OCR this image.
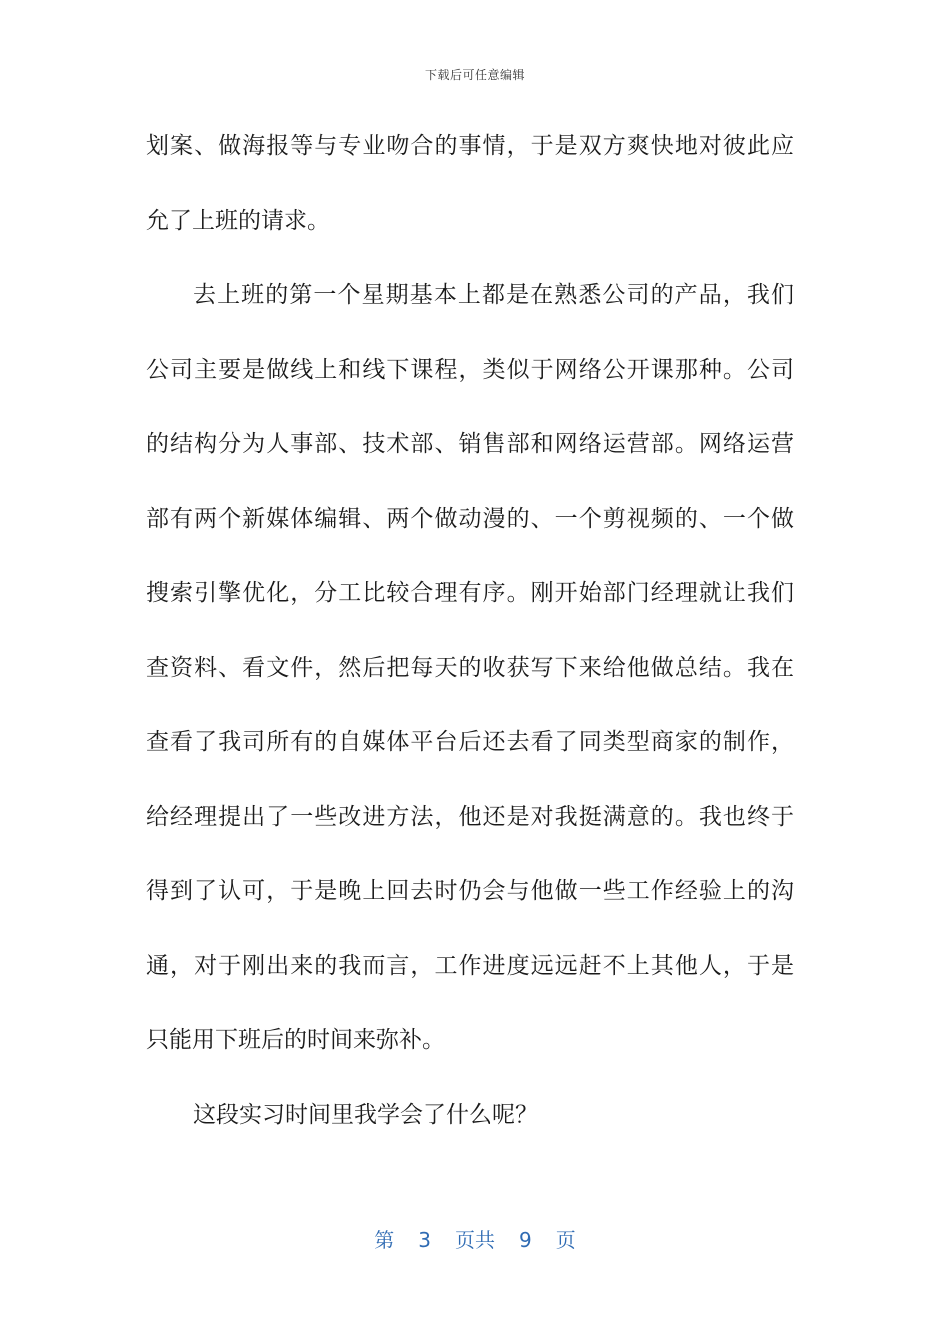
下载后可任意编辑
划案、做海报等与专业吻合的事情，于是双方爽快地对彼此应
允了上班的请求。
去上班的第一个星期基本上都是在熟悉公司的产品，我们
公司主要是做线上和线下课程，类似于网络公开课那种。公司
的结构分为人事部、技术部、销售部和网络运营部。网络运营
部有两个新媒体编辑、两个做动漫的、一个剪视频的、一个做
搜索引擎优化，分工比较合理有序。刚开始部门经理就让我们
查资料、看文件，然后把每天的收获写下来给他做总结。我在
查看了我司所有的自媒体平台后还去看了同类型商家的制作，
给经理提出了一些改进方法，他还是对我挺满意的。我也终于
得到了认可，于是晚上回去时仍会与他做一些工作经验上的沟
通，对于刚出来的我而言，工作进度远远赶不上其他人，于是
只能用下班后的时间来弥补。
这段实习时间里我学会了什么呢？
第 3 页共 9 页
